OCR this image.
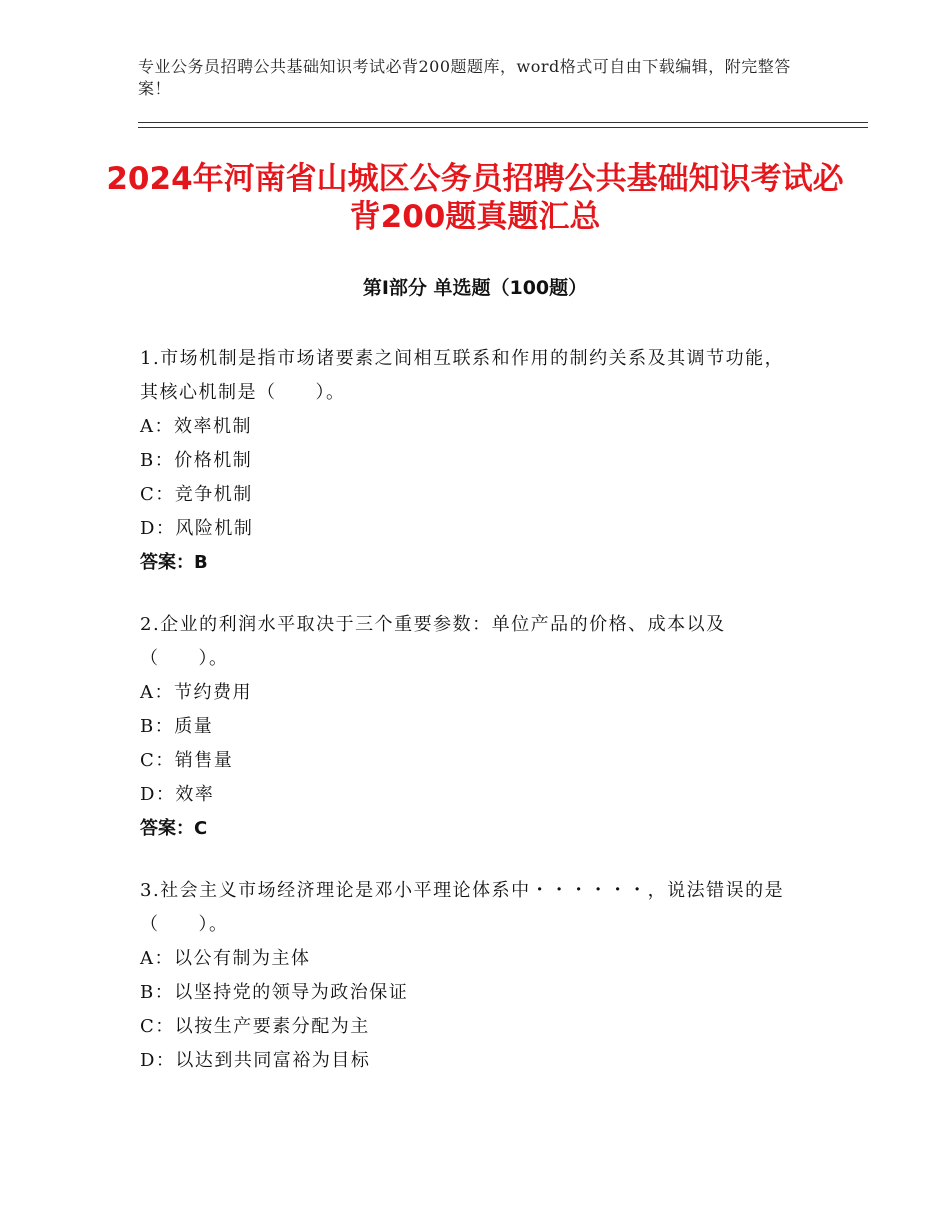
专业公务员招聘公共基础知识考试必背200题题库，word格式可自由下载编辑，附完整答案！
2024年河南省山城区公务员招聘公共基础知识考试必背200题真题汇总
第Ⅰ部分 单选题（100题）

1.市场机制是指市场诸要素之间相互联系和作用的制约关系及其调节功能，其核心机制是（　　）。

A：效率机制

B：价格机制

C：竞争机制

D：风险机制

答案：B

2.企业的利润水平取决于三个重要参数：单位产品的价格、成本以及（　　）。

A：节约费用

B：质量

C：销售量

D：效率

答案：C

3.社会主义市场经济理论是邓小平理论体系中・・・・・・，说法错误的是（　　）。

A：以公有制为主体

B：以坚持党的领导为政治保证

C：以按生产要素分配为主

D：以达到共同富裕为目标
